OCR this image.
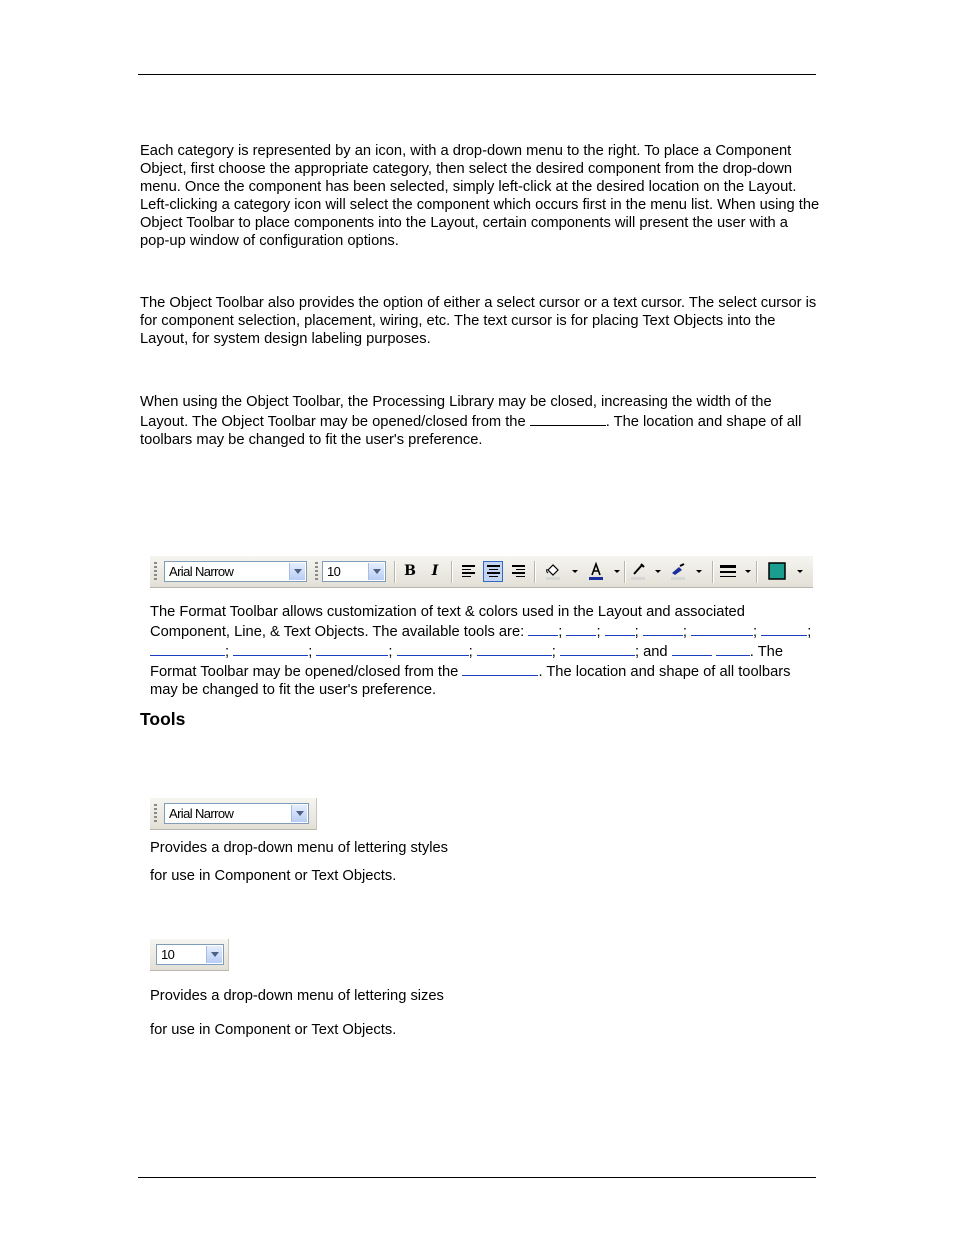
Each category is represented by an icon, with a drop-down menu to the right. To place a Component Object, first choose the appropriate category, then select the desired component from the drop-down menu. Once the component has been selected, simply left-click at the desired location on the Layout. Left-clicking a category icon will select the component which occurs first in the menu list. When using the Object Toolbar to place components into the Layout, certain components will present the user with a pop-up window of configuration options.

The Object Toolbar also provides the option of either a select cursor or a text cursor. The select cursor is for component selection, placement, wiring, etc. The text cursor is for placing Text Objects into the Layout, for system design labeling purposes.

When using the Object Toolbar, the Processing Library may be closed, increasing the width of the Layout. The Object Toolbar may be opened/closed from the	. The location and shape of all toolbars may be changed to fit the user's preference.

Arial Narrow	10	B	I

The Format Toolbar allows customization of text & colors used in the Layout and associated Component, Line, & Text Objects. The available tools are: ; ; ;	;	;	; ;	;	;	;	;	; and	. The Format Toolbar may be opened/closed from the	. The location and shape of all toolbars may be changed to fit the user's preference.

Tools
Arial Narrow

Provides a drop-down menu of lettering styles

for use in Component or Text Objects.

10

Provides a drop-down menu of lettering sizes

for use in Component or Text Objects.
